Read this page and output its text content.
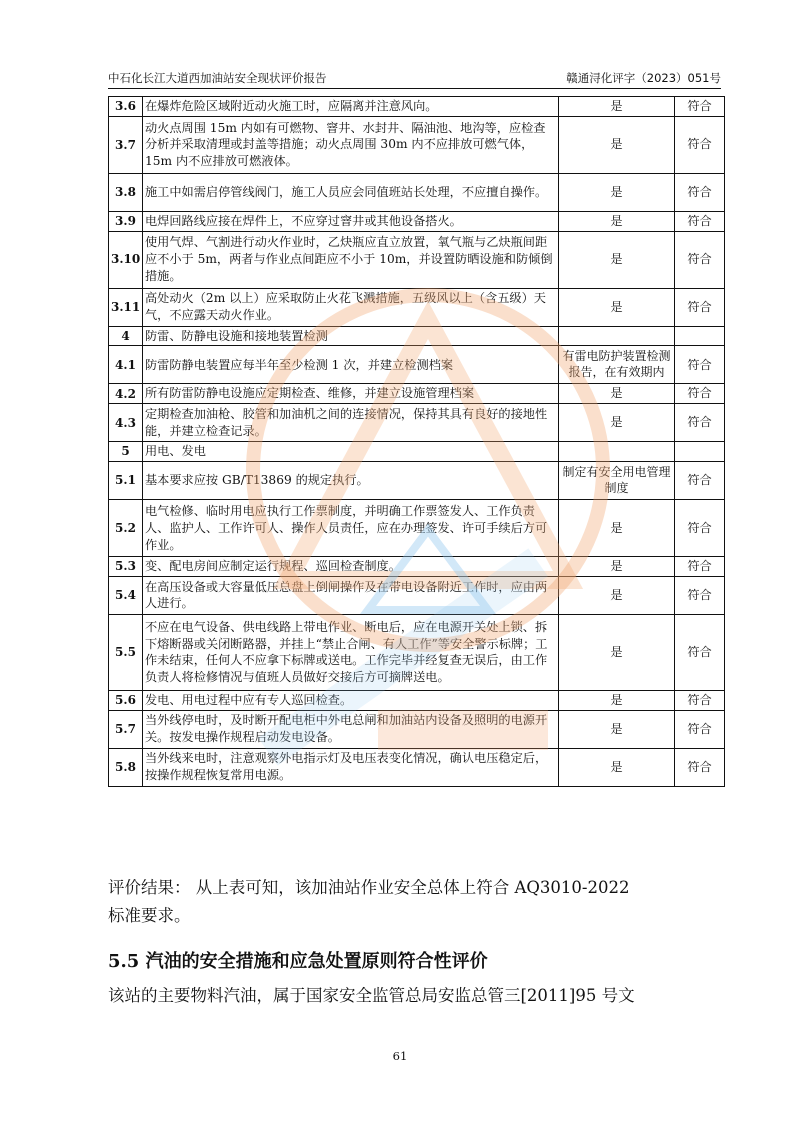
中石化长江大道西加油站安全现状评价报告	赣通浔化评字（2023）051号
3.6	在爆炸危险区域附近动火施工时，应隔离并注意风向。	是	符合
3.7	动火点周围 15m 内如有可燃物、窨井、水封井、隔油池、地沟等，应检查分析并采取清理或封盖等措施；动火点周围 30m 内不应排放可燃气体，15m 内不应排放可燃液体。	是	符合
3.8	施工中如需启停管线阀门，施工人员应会同值班站长处理，不应擅自操作。	是	符合
3.9	电焊回路线应接在焊件上，不应穿过窨井或其他设备搭火。	是	符合
3.10	使用气焊、气割进行动火作业时，乙炔瓶应直立放置，氧气瓶与乙炔瓶间距应不小于 5m，两者与作业点间距应不小于 10m，并设置防晒设施和防倾倒措施。	是	符合
3.11	高处动火（2m 以上）应采取防止火花飞溅措施，五级风以上（含五级）天气，不应露天动火作业。	是	符合
4	防雷、防静电设施和接地装置检测		
4.1	防雷防静电装置应每半年至少检测 1 次，并建立检测档案	有雷电防护装置检测报告，在有效期内	符合
4.2	所有防雷防静电设施应定期检查、维修，并建立设施管理档案	是	符合
4.3	定期检查加油枪、胶管和加油机之间的连接情况，保持其具有良好的接地性能，并建立检查记录。	是	符合
5	用电、发电		
5.1	基本要求应按 GB/T13869 的规定执行。	制定有安全用电管理制度	符合
5.2	电气检修、临时用电应执行工作票制度，并明确工作票签发人、工作负责人、监护人、工作许可人、操作人员责任，应在办理签发、许可手续后方可作业。	是	符合
5.3	变、配电房间应制定运行规程、巡回检查制度。	是	符合
5.4	在高压设备或大容量低压总盘上倒闸操作及在带电设备附近工作时，应由两人进行。	是	符合
5.5	不应在电气设备、供电线路上带电作业、断电后，应在电源开关处上锁、拆下熔断器或关闭断路器，并挂上“禁止合闸、有人工作”等安全警示标牌；工作未结束，任何人不应拿下标牌或送电。工作完毕并经复查无误后，由工作负责人将检修情况与值班人员做好交接后方可摘牌送电。	是	符合
5.6	发电、用电过程中应有专人巡回检查。	是	符合
5.7	当外线停电时，及时断开配电柜中外电总闸和加油站内设备及照明的电源开关。按发电操作规程启动发电设备。	是	符合
5.8	当外线来电时，注意观察外电指示灯及电压表变化情况，确认电压稳定后，按操作规程恢复常用电源。	是	符合
评价结果： 从上表可知，该加油站作业安全总体上符合 AQ3010-2022
标准要求。
5.5 汽油的安全措施和应急处置原则符合性评价
该站的主要物料汽油，属于国家安全监管总局安监总管三[2011]95 号文
61
